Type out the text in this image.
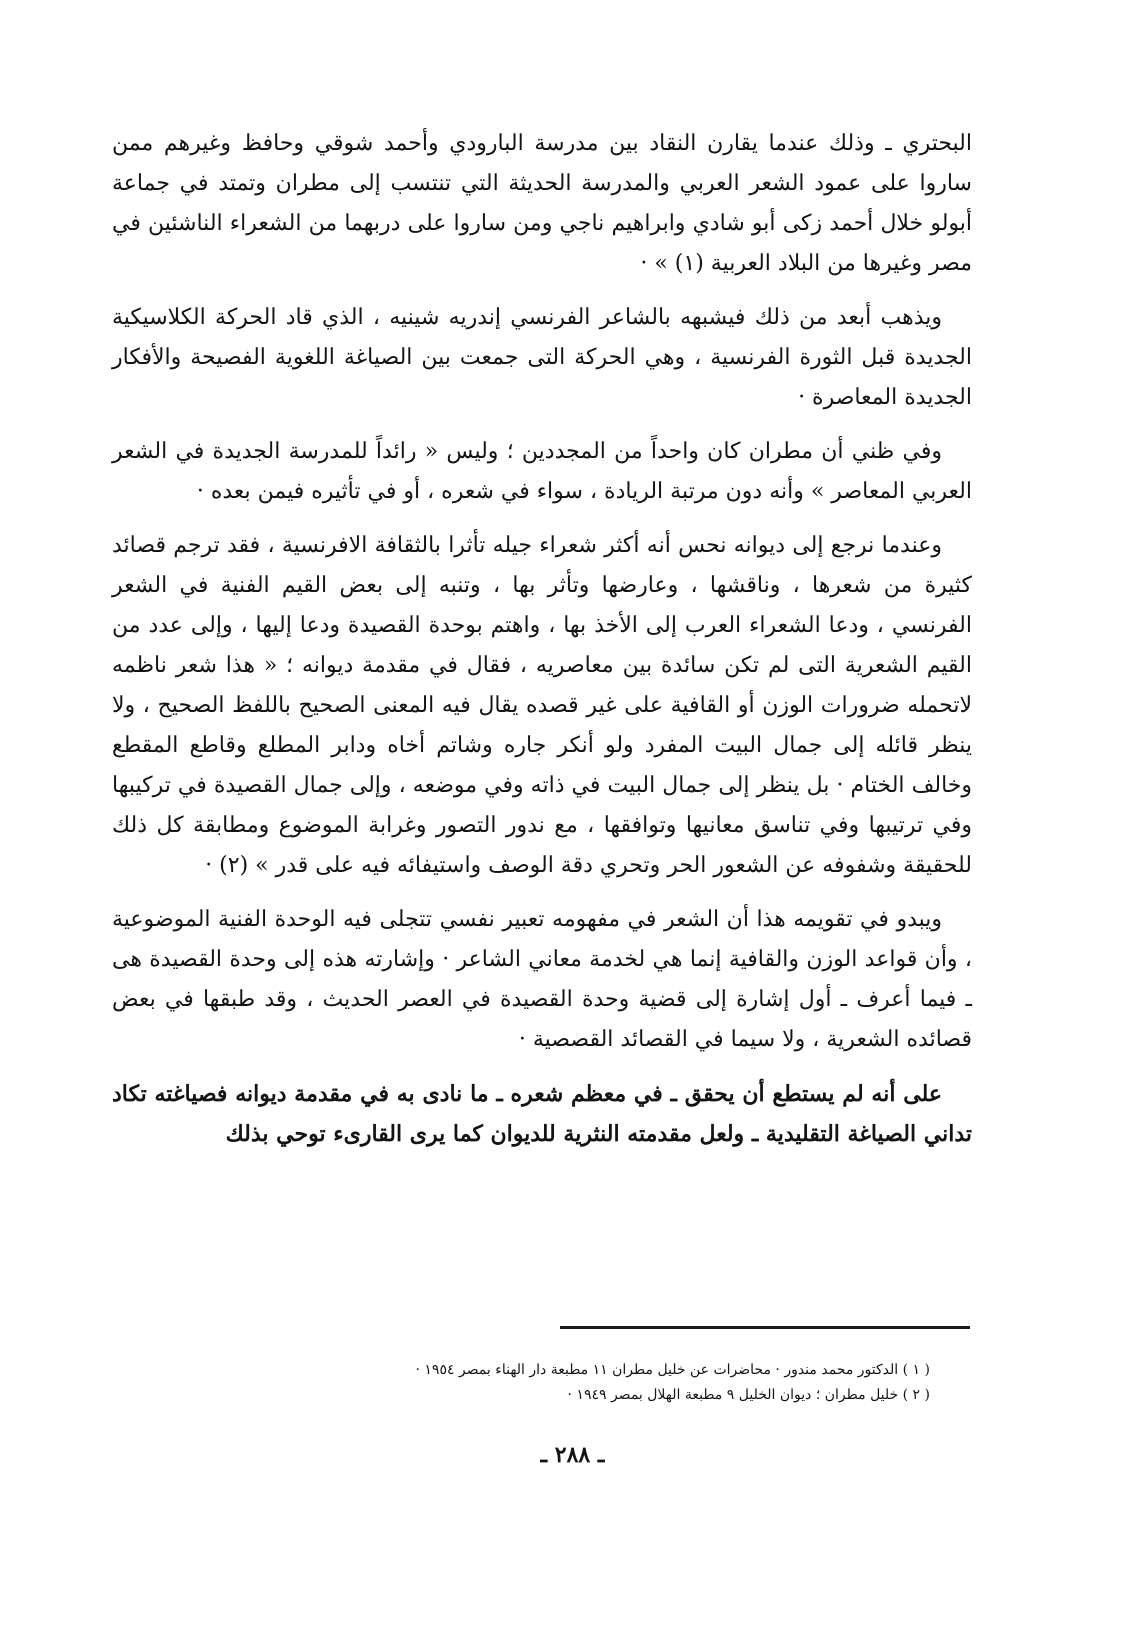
البحتري ـ وذلك عندما يقارن النقاد بين مدرسة البارودي وأحمد شوقي وحافظ وغيرهم ممن ساروا على عمود الشعر العربي والمدرسة الحديثة التي تنتسب إلى مطران وتمتد في جماعة أبولو خلال أحمد زكى أبو شادي وابراهيم ناجي ومن ساروا على دربهما من الشعراء الناشئين في مصر وغيرها من البلاد العربية (١) » ·

ويذهب أبعد من ذلك فيشبهه بالشاعر الفرنسي إندريه شينيه ، الذي قاد الحركة الكلاسيكية الجديدة قبل الثورة الفرنسية ، وهي الحركة التى جمعت بين الصياغة اللغوية الفصيحة والأفكار الجديدة المعاصرة ·

وفي ظني أن مطران كان واحداً من المجددين ؛ وليس « رائداً للمدرسة الجديدة في الشعر العربي المعاصر » وأنه دون مرتبة الريادة ، سواء في شعره ، أو في تأثيره فيمن بعده ·

وعندما نرجع إلى ديوانه نحس أنه أكثر شعراء جيله تأثرا بالثقافة الافرنسية ، فقد ترجم قصائد كثيرة من شعرها ، وناقشها ، وعارضها وتأثر بها ، وتنبه إلى بعض القيم الفنية في الشعر الفرنسي ، ودعا الشعراء العرب إلى الأخذ بها ، واهتم بوحدة القصيدة ودعا إليها ، وإلى عدد من القيم الشعرية التى لم تكن سائدة بين معاصريه ، فقال في مقدمة ديوانه ؛ « هذا شعر ناظمه لاتحمله ضرورات الوزن أو القافية على غير قصده يقال فيه المعنى الصحيح باللفظ الصحيح ، ولا ينظر قائله إلى جمال البيت المفرد ولو أنكر جاره وشاتم أخاه ودابر المطلع وقاطع المقطع وخالف الختام · بل ينظر إلى جمال البيت في ذاته وفي موضعه ، وإلى جمال القصيدة في تركيبها وفي ترتيبها وفي تناسق معانيها وتوافقها ، مع ندور التصور وغرابة الموضوع ومطابقة كل ذلك للحقيقة وشفوفه عن الشعور الحر وتحري دقة الوصف واستيفائه فيه على قدر » (٢) ·

ويبدو في تقويمه هذا أن الشعر في مفهومه تعبير نفسي تتجلى فيه الوحدة الفنية الموضوعية ، وأن قواعد الوزن والقافية إنما هي لخدمة معاني الشاعر · وإشارته هذه إلى وحدة القصيدة هى ـ فيما أعرف ـ أول إشارة إلى قضية وحدة القصيدة في العصر الحديث ، وقد طبقها في بعض قصائده الشعرية ، ولا سيما في القصائد القصصية ·

على أنه لم يستطع أن يحقق ـ في معظم شعره ـ ما نادى به في مقدمة ديوانه فصياغته تكاد تداني الصياغة التقليدية ـ ولعل مقدمته النثرية للديوان كما يرى القارىء توحي بذلك

( ١ ) الدكتور محمد مندور · محاضرات عن خليل مطران ١١ مطبعة دار الهناء بمصر ١٩٥٤ ·

( ٢ ) خليل مطران ؛ ديوان الخليل ٩ مطبعة الهلال بمصر ١٩٤٩ ·

ـ ٢٨٨ ـ
